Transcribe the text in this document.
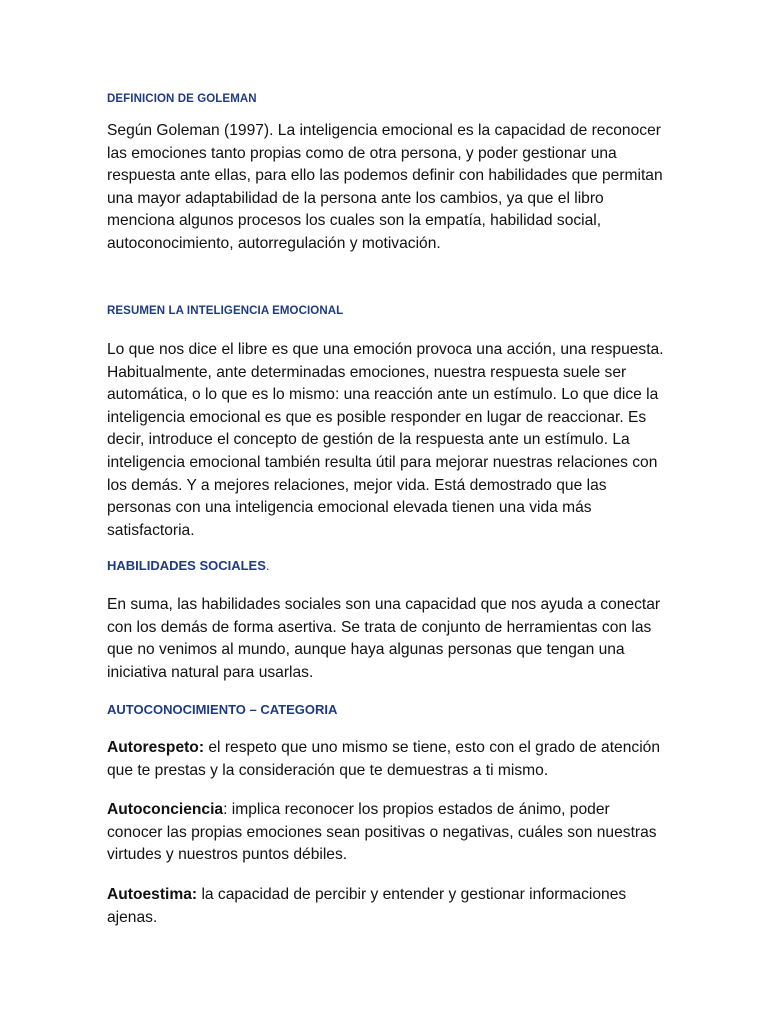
DEFINICION DE GOLEMAN
Según Goleman (1997). La inteligencia emocional es la capacidad de reconocer las emociones tanto propias como de otra persona, y poder gestionar una respuesta ante ellas, para ello las podemos definir con habilidades que permitan una mayor adaptabilidad de la persona ante los cambios, ya que el libro menciona algunos procesos los cuales son la empatía, habilidad social, autoconocimiento, autorregulación y motivación.
RESUMEN LA INTELIGENCIA EMOCIONAL
Lo que nos dice el libre es que una emoción provoca una acción, una respuesta. Habitualmente, ante determinadas emociones, nuestra respuesta suele ser automática, o lo que es lo mismo: una reacción ante un estímulo. Lo que dice la inteligencia emocional es que es posible responder en lugar de reaccionar. Es decir, introduce el concepto de gestión de la respuesta ante un estímulo. La inteligencia emocional también resulta útil para mejorar nuestras relaciones con los demás. Y a mejores relaciones, mejor vida. Está demostrado que las personas con una inteligencia emocional elevada tienen una vida más satisfactoria.
HABILIDADES SOCIALES.
En suma, las habilidades sociales son una capacidad que nos ayuda a conectar con los demás de forma asertiva. Se trata de conjunto de herramientas con las que no venimos al mundo, aunque haya algunas personas que tengan una iniciativa natural para usarlas.
AUTOCONOCIMIENTO – CATEGORIA
Autorespeto: el respeto que uno mismo se tiene, esto con el grado de atención que te prestas y la consideración que te demuestras a ti mismo.
Autoconciencia: implica reconocer los propios estados de ánimo, poder conocer las propias emociones sean positivas o negativas, cuáles son nuestras virtudes y nuestros puntos débiles.
Autoestima: la capacidad de percibir y entender y gestionar informaciones ajenas.
